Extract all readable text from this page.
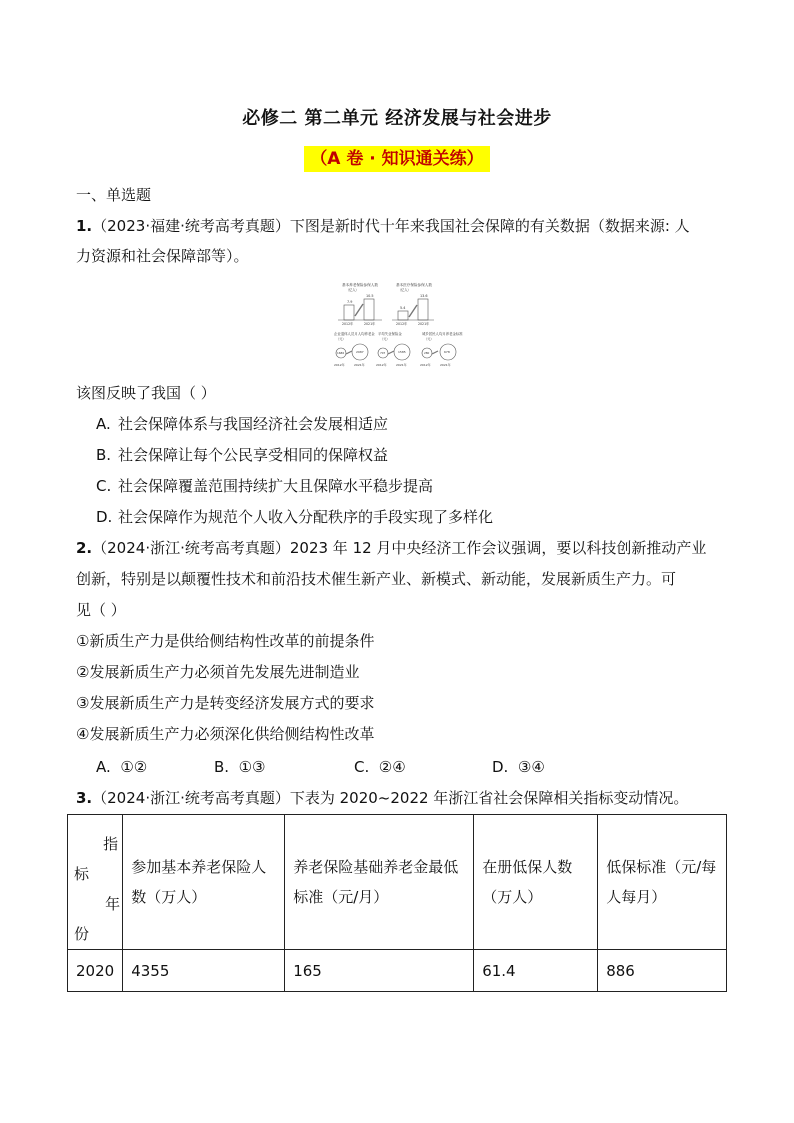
必修二 第二单元 经济发展与社会进步
（A 卷 · 知识通关练）
一、单选题
1.（2023·福建·统考高考真题）下图是新时代十年来我国社会保障的有关数据（数据来源: 人
力资源和社会保障部等）。
基本养老保险参保人数
（亿人）
7.9
10.5
2012年	2021年
基本医疗保险参保人数
（亿人）
5.4
13.6
2012年	2021年
企业退休人员月人均养老金
（元）
1686	2987
2012年	2021年
平均失业保险金
（元）
707	1585
2012年	2021年
城乡居民人均月养老金标准
（元）
280	678
2012年	2021年
该图反映了我国（ ）
A. 社会保障体系与我国经济社会发展相适应
B. 社会保障让每个公民享受相同的保障权益
C. 社会保障覆盖范围持续扩大且保障水平稳步提高
D. 社会保障作为规范个人收入分配秩序的手段实现了多样化
2.（2024·浙江·统考高考真题）2023 年 12 月中央经济工作会议强调，要以科技创新推动产业
创新，特别是以颠覆性技术和前沿技术催生新产业、新模式、新动能，发展新质生产力。可
见（ ）
①新质生产力是供给侧结构性改革的前提条件
②发展新质生产力必须首先发展先进制造业
③发展新质生产力是转变经济发展方式的要求
④发展新质生产力必须深化供给侧结构性改革
A. ①②	B. ①③	C. ②④	D. ③④
3.（2024·浙江·统考高考真题）下表为 2020~2022 年浙江省社会保障相关指标变动情况。
指
标
年
份	参加基本养老保险人数（万人）	养老保险基础养老金最低标准（元/月）	在册低保人数（万人）	低保标准（元/每人每月）
2020	4355	165	61.4	886
